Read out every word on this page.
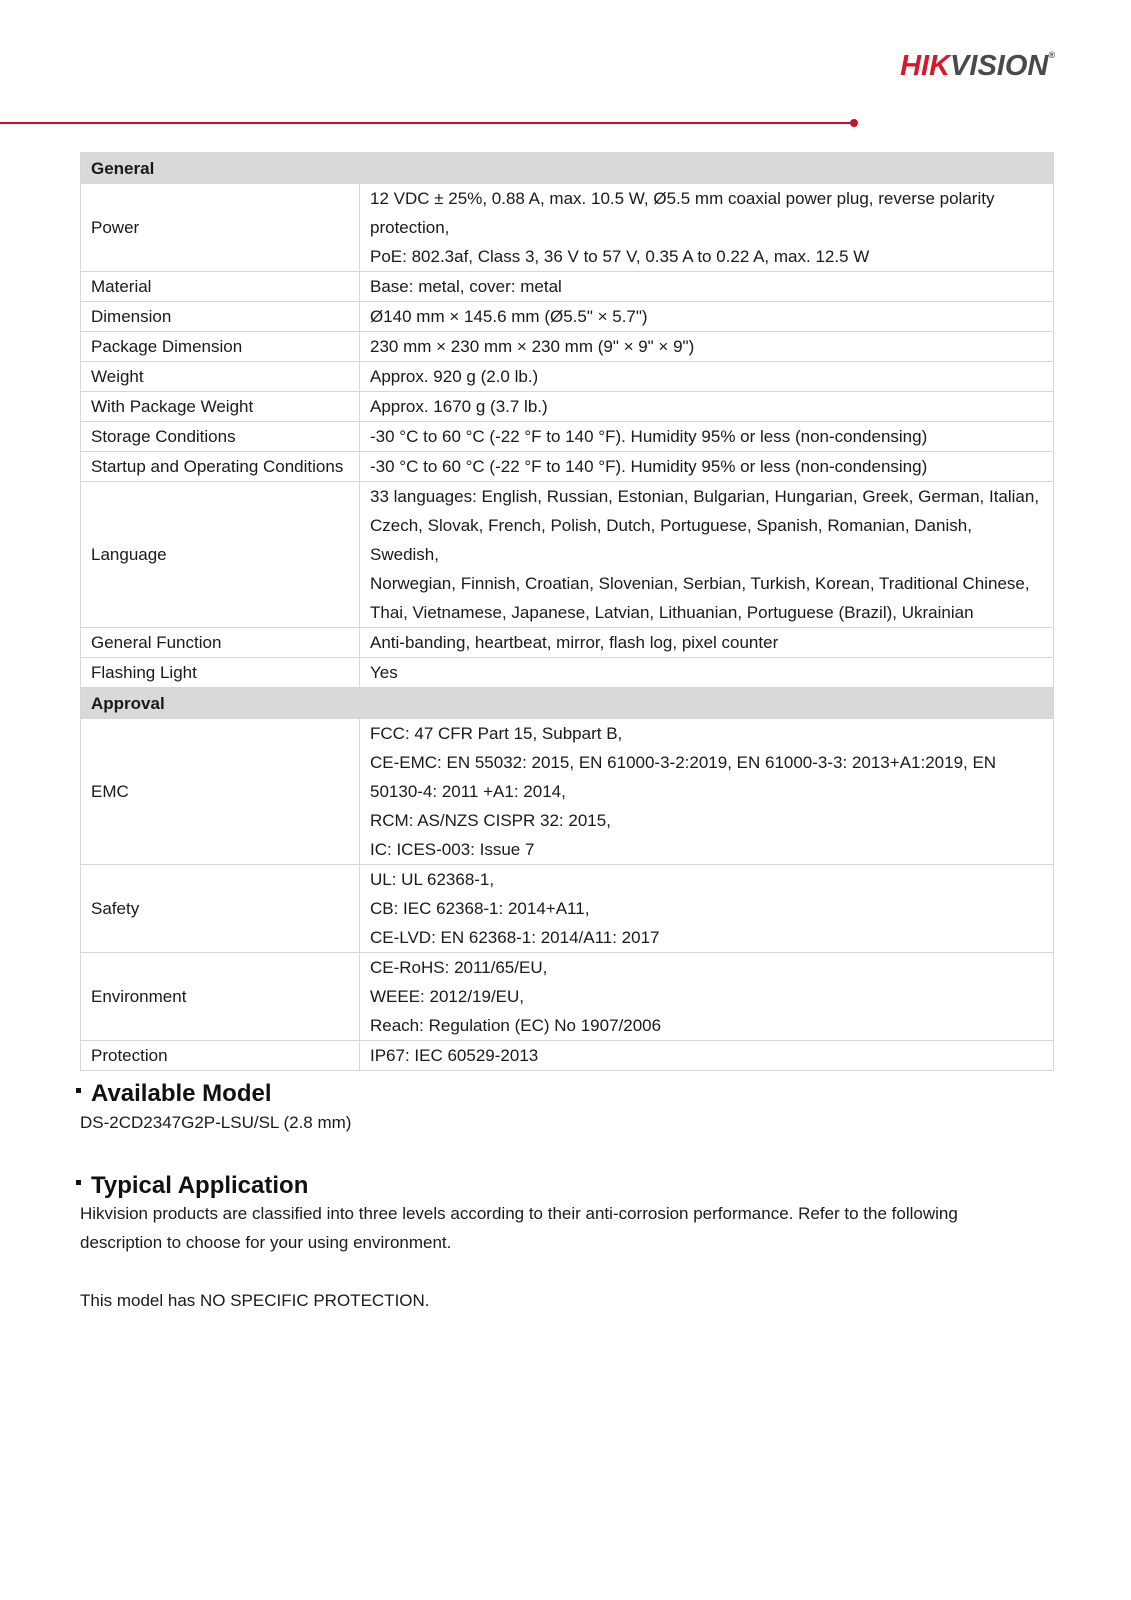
HIKVISION®
General	
Power	12 VDC ± 25%, 0.88 A, max. 10.5 W, Ø5.5 mm coaxial power plug, reverse polarity
protection,
PoE: 802.3af, Class 3, 36 V to 57 V, 0.35 A to 0.22 A, max. 12.5 W

Material	Base: metal, cover: metal

Dimension	Ø140 mm × 145.6 mm (Ø5.5" × 5.7")

Package Dimension	230 mm × 230 mm × 230 mm (9" × 9" × 9")

Weight	Approx. 920 g (2.0 lb.)

With Package Weight	Approx. 1670 g (3.7 lb.)

Storage Conditions	-30 °C to 60 °C (-22 °F to 140 °F). Humidity 95% or less (non-condensing)

Startup and Operating Conditions	-30 °C to 60 °C (-22 °F to 140 °F). Humidity 95% or less (non-condensing)

Language	33 languages: English, Russian, Estonian, Bulgarian, Hungarian, Greek, German, Italian,
Czech, Slovak, French, Polish, Dutch, Portuguese, Spanish, Romanian, Danish, Swedish,
Norwegian, Finnish, Croatian, Slovenian, Serbian, Turkish, Korean, Traditional Chinese,
Thai, Vietnamese, Japanese, Latvian, Lithuanian, Portuguese (Brazil), Ukrainian

General Function	Anti-banding, heartbeat, mirror, flash log, pixel counter

Flashing Light	Yes

Approval	
EMC	FCC: 47 CFR Part 15, Subpart B,
CE-EMC: EN 55032: 2015, EN 61000-3-2:2019, EN 61000-3-3: 2013+A1:2019, EN
50130-4: 2011 +A1: 2014,
RCM: AS/NZS CISPR 32: 2015,
IC: ICES-003: Issue 7

Safety	UL: UL 62368-1,
CB: IEC 62368-1: 2014+A11,
CE-LVD: EN 62368-1: 2014/A11: 2017

Environment	CE-RoHS: 2011/65/EU,
WEEE: 2012/19/EU,
Reach: Regulation (EC) No 1907/2006

Protection	IP67: IEC 60529-2013
Available Model
DS-2CD2347G2P-LSU/SL (2.8 mm)
Typical Application
Hikvision products are classified into three levels according to their anti-corrosion performance. Refer to the following
description to choose for your using environment.
This model has NO SPECIFIC PROTECTION.
